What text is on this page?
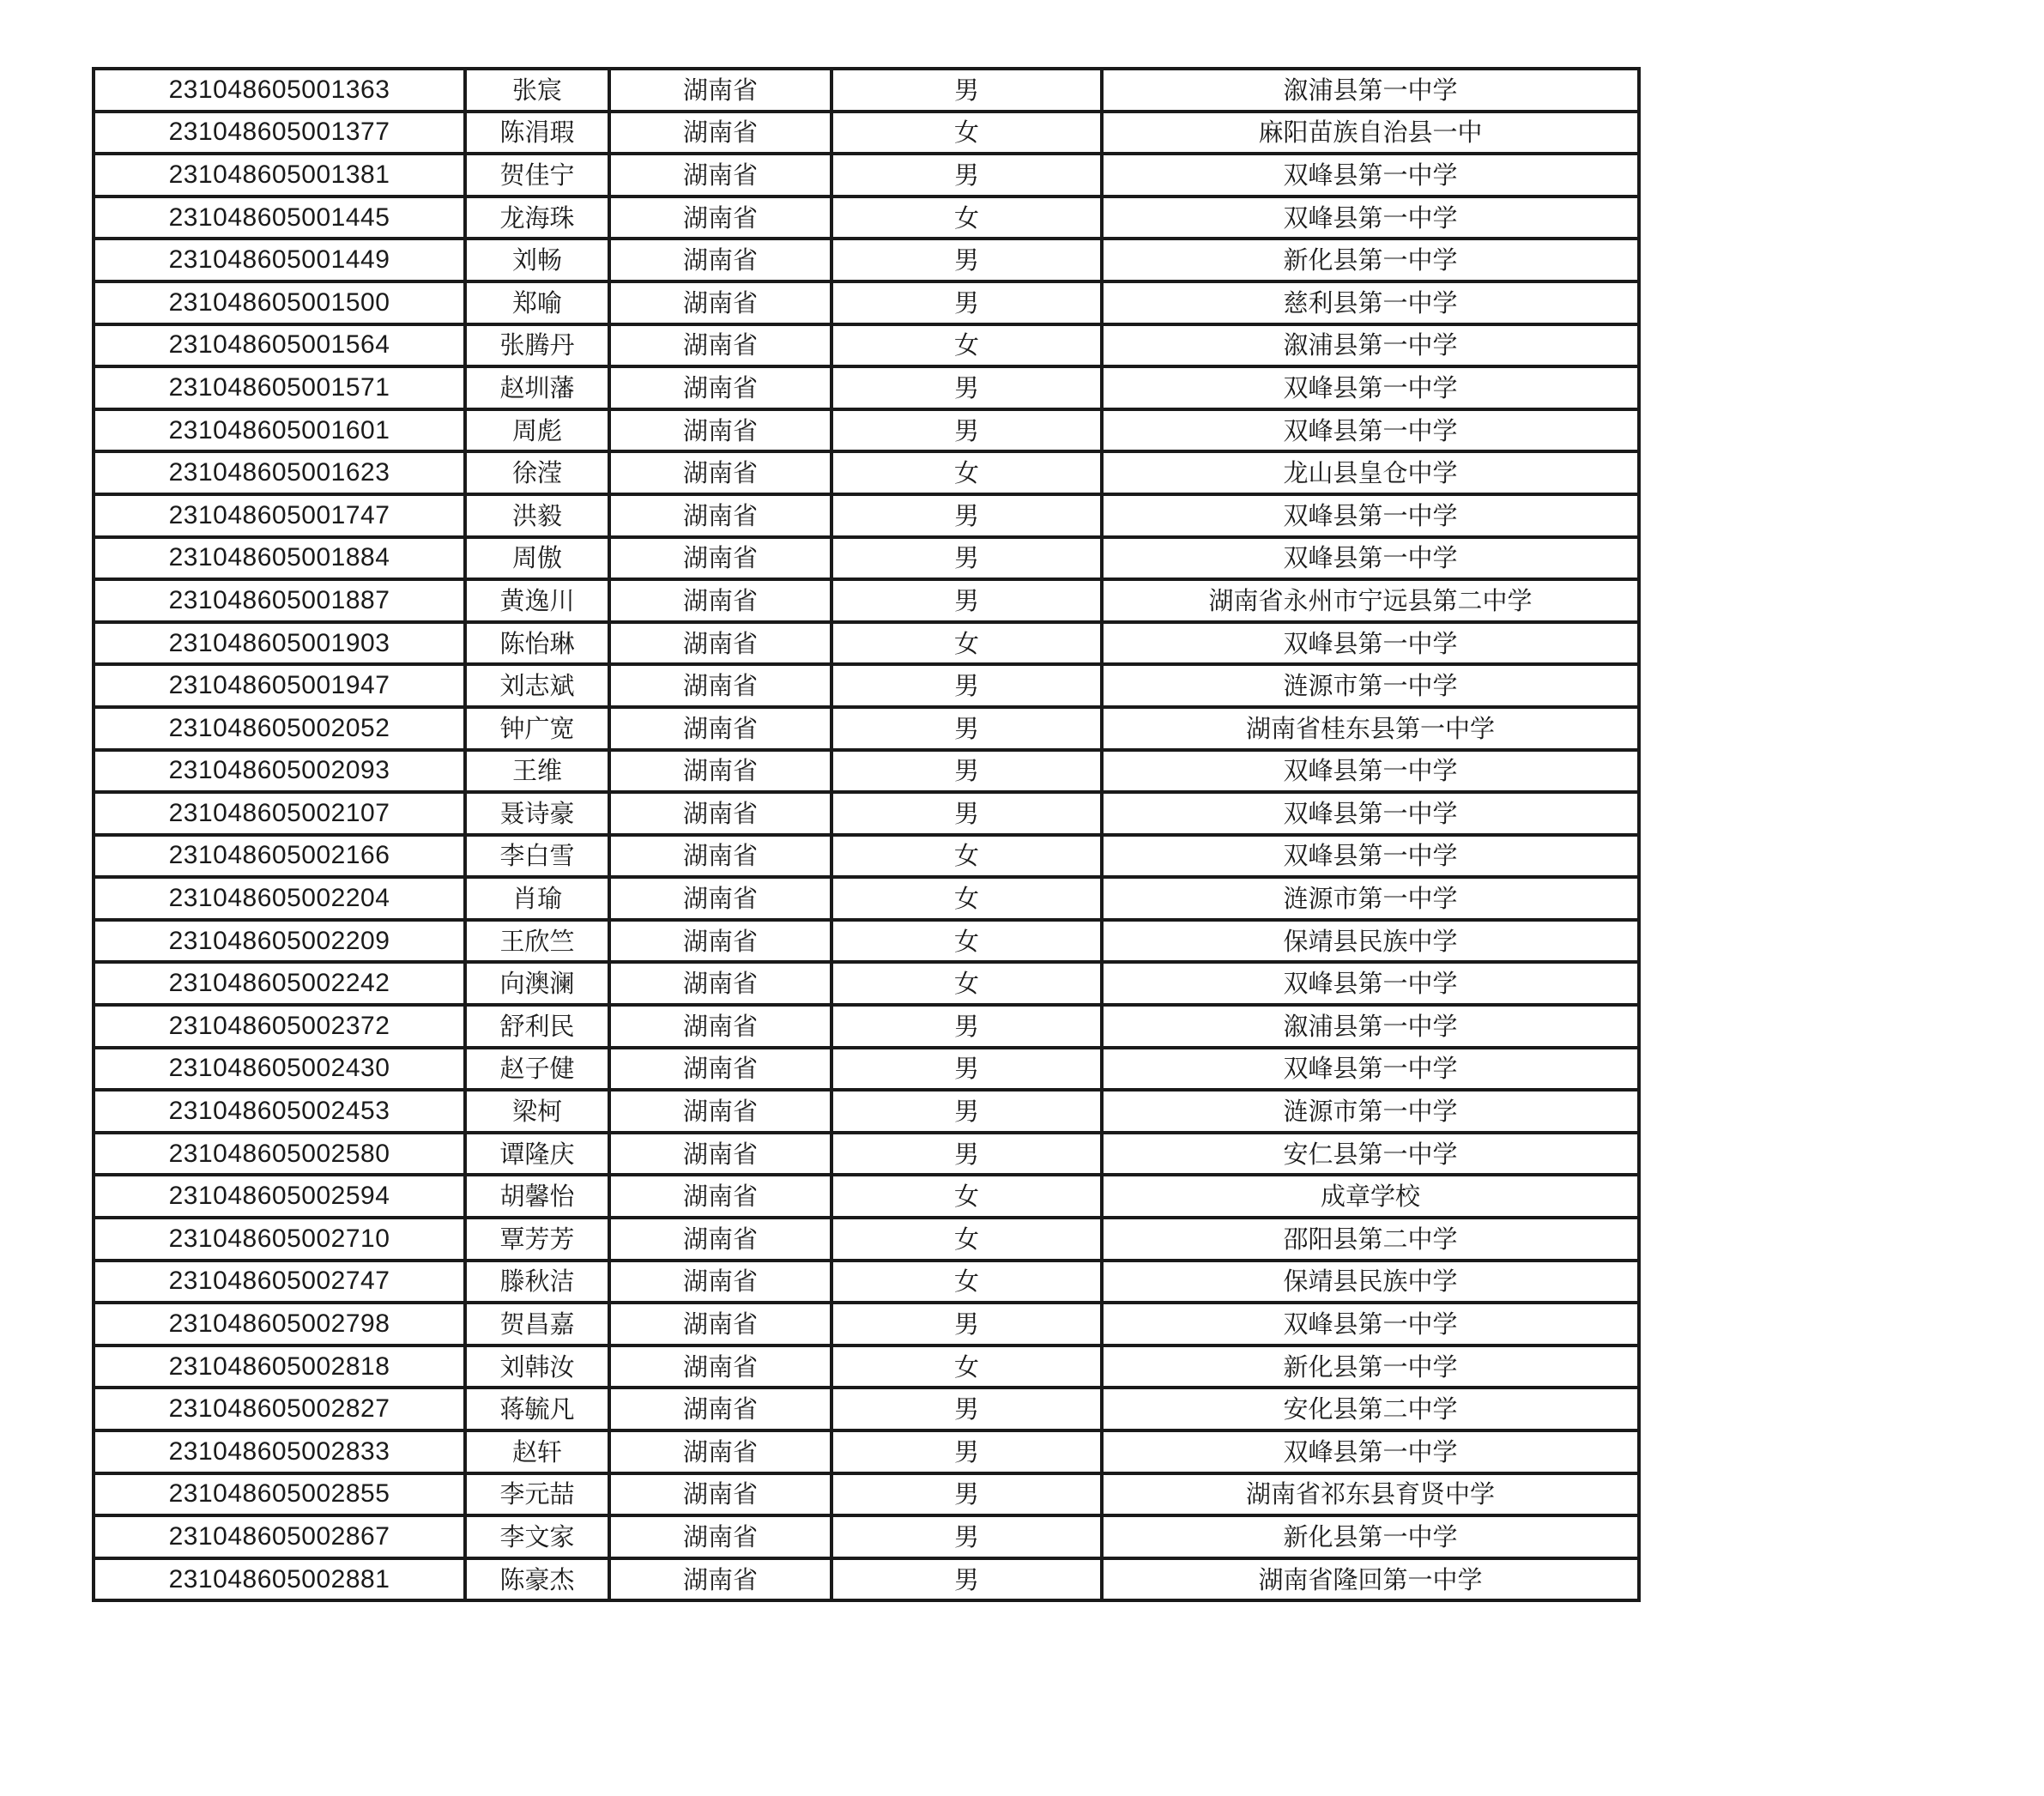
231048605001363	张宸	湖南省	男	溆浦县第一中学
231048605001377	陈涓瑕	湖南省	女	麻阳苗族自治县一中
231048605001381	贺佳宁	湖南省	男	双峰县第一中学
231048605001445	龙海珠	湖南省	女	双峰县第一中学
231048605001449	刘畅	湖南省	男	新化县第一中学
231048605001500	郑喻	湖南省	男	慈利县第一中学
231048605001564	张腾丹	湖南省	女	溆浦县第一中学
231048605001571	赵圳藩	湖南省	男	双峰县第一中学
231048605001601	周彪	湖南省	男	双峰县第一中学
231048605001623	徐滢	湖南省	女	龙山县皇仓中学
231048605001747	洪毅	湖南省	男	双峰县第一中学
231048605001884	周傲	湖南省	男	双峰县第一中学
231048605001887	黄逸川	湖南省	男	湖南省永州市宁远县第二中学
231048605001903	陈怡琳	湖南省	女	双峰县第一中学
231048605001947	刘志斌	湖南省	男	涟源市第一中学
231048605002052	钟广宽	湖南省	男	湖南省桂东县第一中学
231048605002093	王维	湖南省	男	双峰县第一中学
231048605002107	聂诗豪	湖南省	男	双峰县第一中学
231048605002166	李白雪	湖南省	女	双峰县第一中学
231048605002204	肖瑜	湖南省	女	涟源市第一中学
231048605002209	王欣竺	湖南省	女	保靖县民族中学
231048605002242	向澳澜	湖南省	女	双峰县第一中学
231048605002372	舒利民	湖南省	男	溆浦县第一中学
231048605002430	赵子健	湖南省	男	双峰县第一中学
231048605002453	梁柯	湖南省	男	涟源市第一中学
231048605002580	谭隆庆	湖南省	男	安仁县第一中学
231048605002594	胡馨怡	湖南省	女	成章学校
231048605002710	覃芳芳	湖南省	女	邵阳县第二中学
231048605002747	滕秋洁	湖南省	女	保靖县民族中学
231048605002798	贺昌嘉	湖南省	男	双峰县第一中学
231048605002818	刘韩汝	湖南省	女	新化县第一中学
231048605002827	蒋毓凡	湖南省	男	安化县第二中学
231048605002833	赵轩	湖南省	男	双峰县第一中学
231048605002855	李元喆	湖南省	男	湖南省祁东县育贤中学
231048605002867	李文家	湖南省	男	新化县第一中学
231048605002881	陈豪杰	湖南省	男	湖南省隆回第一中学
